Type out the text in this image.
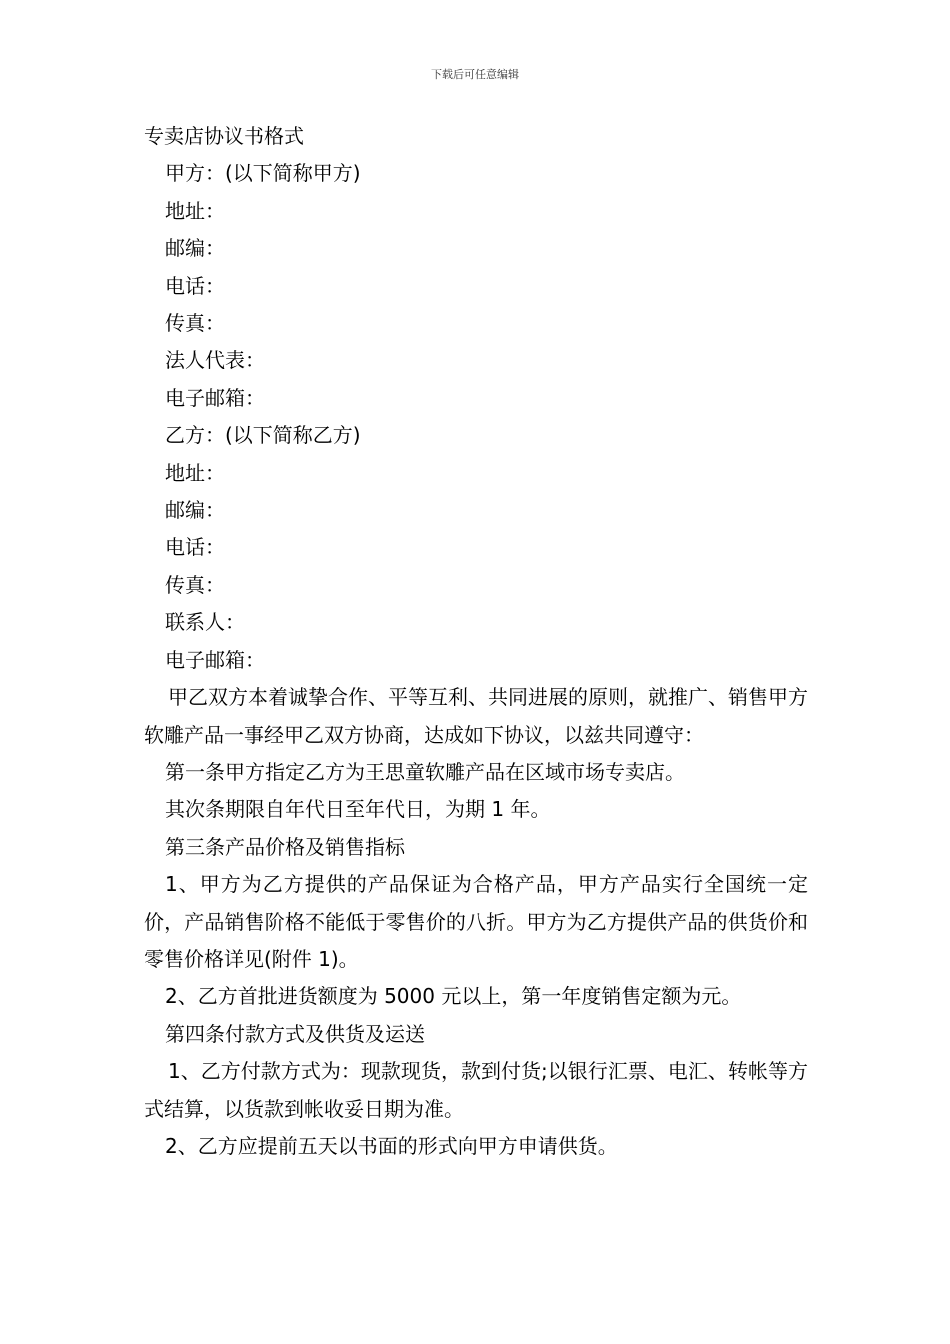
下载后可任意编辑
专卖店协议书格式
甲方：(以下简称甲方)
地址：
邮编：
电话：
传真：
法人代表：
电子邮箱：
乙方：(以下简称乙方)
地址：
邮编：
电话：
传真：
联系人：
电子邮箱：
甲乙双方本着诚挚合作、平等互利、共同进展的原则，就推广、销售甲方软雕产品一事经甲乙双方协商，达成如下协议，以兹共同遵守：
第一条甲方指定乙方为王思童软雕产品在区域市场专卖店。
其次条期限自年代日至年代日，为期 1 年。
第三条产品价格及销售指标
1、甲方为乙方提供的产品保证为合格产品，甲方产品实行全国统一定价，产品销售阶格不能低于零售价的八折。甲方为乙方提供产品的供货价和零售价格详见(附件 1)。
2、乙方首批进货额度为 5000 元以上，第一年度销售定额为元。
第四条付款方式及供货及运送
1、乙方付款方式为：现款现货，款到付货;以银行汇票、电汇、转帐等方式结算，以货款到帐收妥日期为准。
2、乙方应提前五天以书面的形式向甲方申请供货。
